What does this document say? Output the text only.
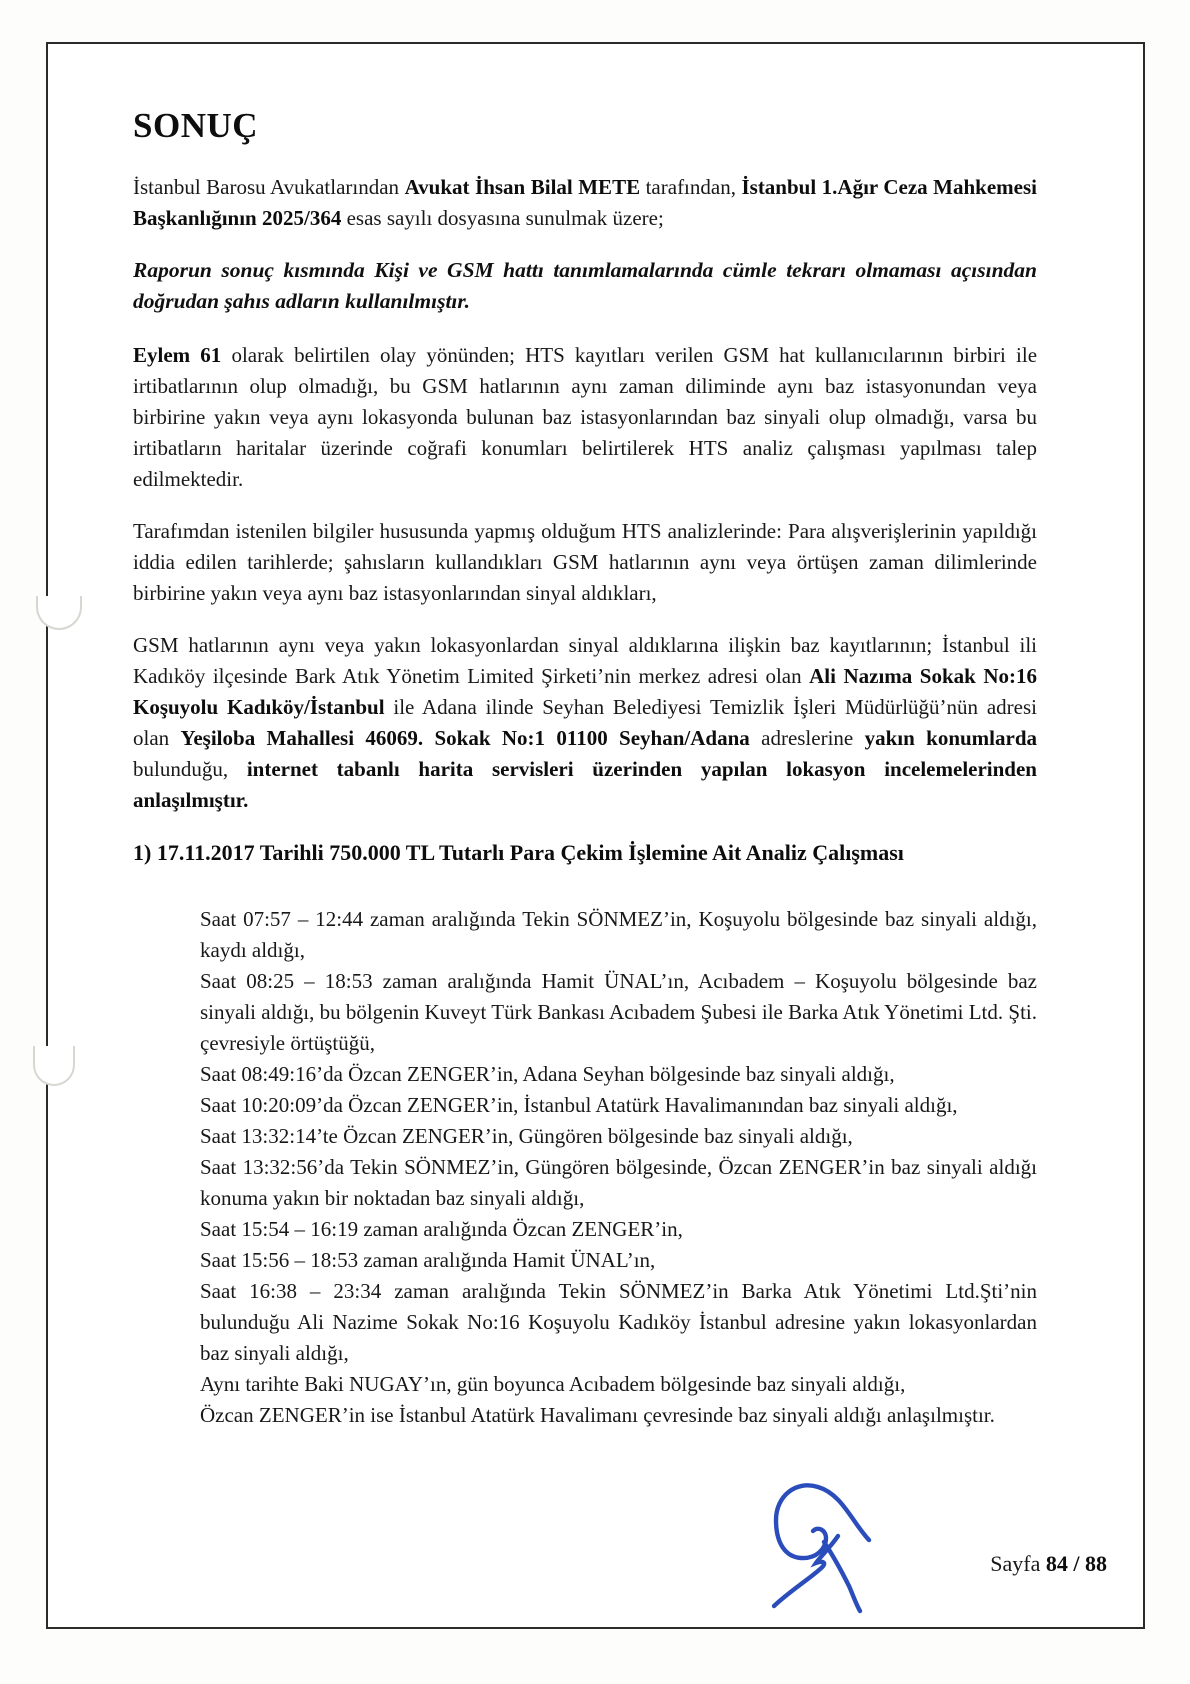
SONUÇ

İstanbul Barosu Avukatlarından Avukat İhsan Bilal METE tarafından, İstanbul 1.Ağır Ceza Mahkemesi Başkanlığının 2025/364 esas sayılı dosyasına sunulmak üzere;

Raporun sonuç kısmında Kişi ve GSM hattı tanımlamalarında cümle tekrarı olmaması açısından doğrudan şahıs adların kullanılmıştır.

Eylem 61 olarak belirtilen olay yönünden; HTS kayıtları verilen GSM hat kullanıcılarının birbiri ile irtibatlarının olup olmadığı, bu GSM hatlarının aynı zaman diliminde aynı baz istasyonundan veya birbirine yakın veya aynı lokasyonda bulunan baz istasyonlarından baz sinyali olup olmadığı, varsa bu irtibatların haritalar üzerinde coğrafi konumları belirtilerek HTS analiz çalışması yapılması talep edilmektedir.

Tarafımdan istenilen bilgiler hususunda yapmış olduğum HTS analizlerinde: Para alışverişlerinin yapıldığı iddia edilen tarihlerde; şahısların kullandıkları GSM hatlarının aynı veya örtüşen zaman dilimlerinde birbirine yakın veya aynı baz istasyonlarından sinyal aldıkları,

GSM hatlarının aynı veya yakın lokasyonlardan sinyal aldıklarına ilişkin baz kayıtlarının; İstanbul ili Kadıköy ilçesinde Bark Atık Yönetim Limited Şirketi’nin merkez adresi olan Ali Nazıma Sokak No:16 Koşuyolu Kadıköy/İstanbul ile Adana ilinde Seyhan Belediyesi Temizlik İşleri Müdürlüğü’nün adresi olan Yeşiloba Mahallesi 46069. Sokak No:1 01100 Seyhan/Adana adreslerine yakın konumlarda bulunduğu, internet tabanlı harita servisleri üzerinden yapılan lokasyon incelemelerinden anlaşılmıştır.

1) 17.11.2017 Tarihli 750.000 TL Tutarlı Para Çekim İşlemine Ait Analiz Çalışması

Saat 07:57 – 12:44 zaman aralığında Tekin SÖNMEZ’in, Koşuyolu bölgesinde baz sinyali aldığı, kaydı aldığı,

Saat 08:25 – 18:53 zaman aralığında Hamit ÜNAL’ın, Acıbadem – Koşuyolu bölgesinde baz sinyali aldığı, bu bölgenin Kuveyt Türk Bankası Acıbadem Şubesi ile Barka Atık Yönetimi Ltd. Şti. çevresiyle örtüştüğü,

Saat 08:49:16’da Özcan ZENGER’in, Adana Seyhan bölgesinde baz sinyali aldığı,

Saat 10:20:09’da Özcan ZENGER’in, İstanbul Atatürk Havalimanından baz sinyali aldığı,

Saat 13:32:14’te Özcan ZENGER’in, Güngören bölgesinde baz sinyali aldığı,

Saat 13:32:56’da Tekin SÖNMEZ’in, Güngören bölgesinde, Özcan ZENGER’in baz sinyali aldığı konuma yakın bir noktadan baz sinyali aldığı,

Saat 15:54 – 16:19 zaman aralığında Özcan ZENGER’in,

Saat 15:56 – 18:53 zaman aralığında Hamit ÜNAL’ın,

Saat 16:38 – 23:34 zaman aralığında Tekin SÖNMEZ’in Barka Atık Yönetimi Ltd.Şti’nin bulunduğu Ali Nazime Sokak No:16 Koşuyolu Kadıköy İstanbul adresine yakın lokasyonlardan baz sinyali aldığı,

Aynı tarihte Baki NUGAY’ın, gün boyunca Acıbadem bölgesinde baz sinyali aldığı,

Özcan ZENGER’in ise İstanbul Atatürk Havalimanı çevresinde baz sinyali aldığı anlaşılmıştır.

Sayfa 84 / 88
